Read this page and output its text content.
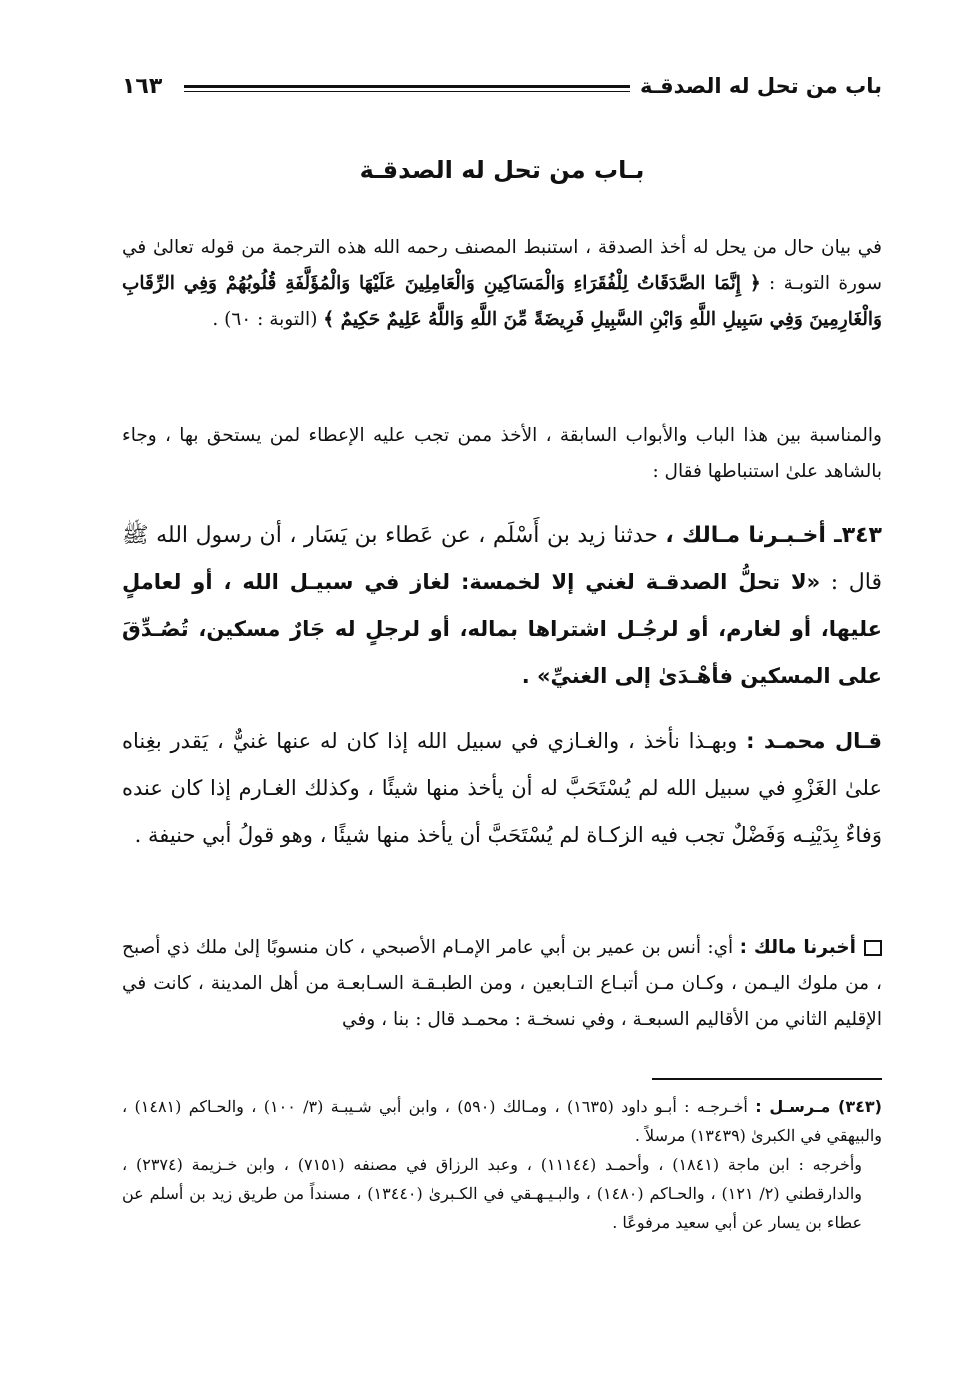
باب من تحل له الصدقـة
١٦٣
بـاب من تحل له الصدقـة

في بيان حال من يحل له أخذ الصدقة ، استنبط المصنف رحمه الله هذه الترجمة من قوله تعالىٰ في سورة التوبـة : ﴿ إِنَّمَا الصَّدَقَاتُ لِلْفُقَرَاءِ وَالْمَسَاكِينِ وَالْعَامِلِينَ عَلَيْهَا وَالْمُؤَلَّفَةِ قُلُوبُهُمْ وَفِي الرِّقَابِ وَالْغَارِمِينَ وَفِي سَبِيلِ اللَّهِ وَابْنِ السَّبِيلِ فَرِيضَةً مِّنَ اللَّهِ وَاللَّهُ عَلِيمٌ حَكِيمٌ ﴾ (التوبة : ٦٠) .

والمناسبة بين هذا الباب والأبواب السابقة ، الأخذ ممن تجب عليه الإعطاء لمن يستحق بها ، وجاء بالشاهد علىٰ استنباطها فقال :

٣٤٣ـ أخـبـرنا مـالك ، حدثنا زيد بن أَسْلَم ، عن عَطاء بن يَسَار ، أن رسول الله ﷺ قال : «لا تحلُّ الصدقـة لغني إلا لخمسة: لغاز في سبيـل الله ، أو لعاملٍ عليها، أو لغارم، أو لرجُـل اشتراها بماله، أو لرجلٍ له جَارٌ مسكين، تُصُـدِّقَ على المسكين فأهْـدَىٰ إلى الغنيِّ» .

قـال محمـد : وبهـذا نأخذ ، والغـازي في سبيل الله إذا كان له عنها غنيٌّ ، يَقدر بغِناه علىٰ الغَزْوِ في سبيل الله لم يُسْتَحَبَّ له أن يأخذ منها شيئًا ، وكذلك الغـارم إذا كان عنده وَفاءٌ بِدَيْنِـه وَفَضْلٌ تجب فيه الزكـاة لم يُسْتَحَبَّ أن يأخذ منها شيئًا ، وهو قولُ أبي حنيفة .

أخبرنا مالك : أي: أنس بن عمير بن أبي عامر الإمـام الأصبحي ، كان منسوبًا إلىٰ ملك ذي أصبح ، من ملوك اليـمن ، وكـان مـن أتبـاع التـابعين ، ومن الطبـقـة السـابعـة من أهل المدينة ، كانت في الإقليم الثاني من الأقاليم السبعـة ، وفي نسخـة : محمـد قال : بنا ، وفي

(٣٤٣) مـرسـل : أخـرجـه : أبـو داود (١٦٣٥) ، ومـالك (٥٩٠) ، وابن أبي شـيبـة (٣/ ١٠٠) ، والحـاكم (١٤٨١) ، والبيهقي في الكبرىٰ (١٣٤٣٩) مرسلاً .

وأخرجه : ابن ماجة (١٨٤١) ، وأحمـد (١١١٤٤) ، وعبد الرزاق في مصنفه (٧١٥١) ، وابن خـزيمة (٢٣٧٤) ، والدارقطني (٢/ ١٢١) ، والحـاكم (١٤٨٠) ، والبـيـهـقي في الكـبرىٰ (١٣٤٤٠) ، مسنداً من طريق زيد بن أسلم عن عطاء بن يسار عن أبي سعيد مرفوعًا .
